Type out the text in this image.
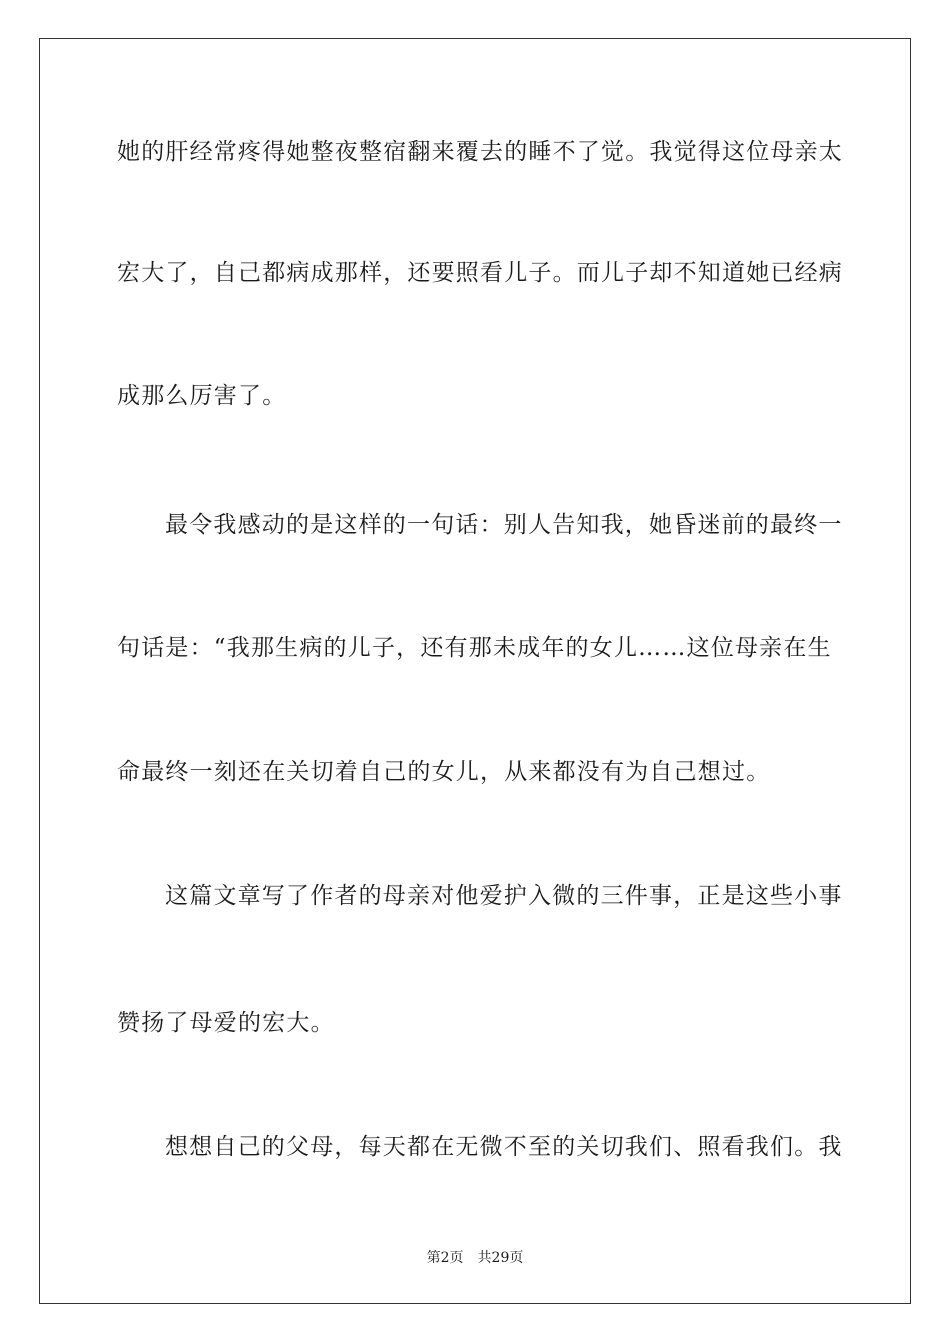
她的肝经常疼得她整夜整宿翻来覆去的睡不了觉。我觉得这位母亲太
宏大了，自己都病成那样，还要照看儿子。而儿子却不知道她已经病
成那么厉害了。
最令我感动的是这样的一句话：别人告知我，她昏迷前的最终一
句话是：“我那生病的儿子，还有那未成年的女儿……这位母亲在生
命最终一刻还在关切着自己的女儿，从来都没有为自己想过。
这篇文章写了作者的母亲对他爱护入微的三件事，正是这些小事
赞扬了母爱的宏大。
想想自己的父母，每天都在无微不至的关切我们、照看我们。我
第2页 共29页
